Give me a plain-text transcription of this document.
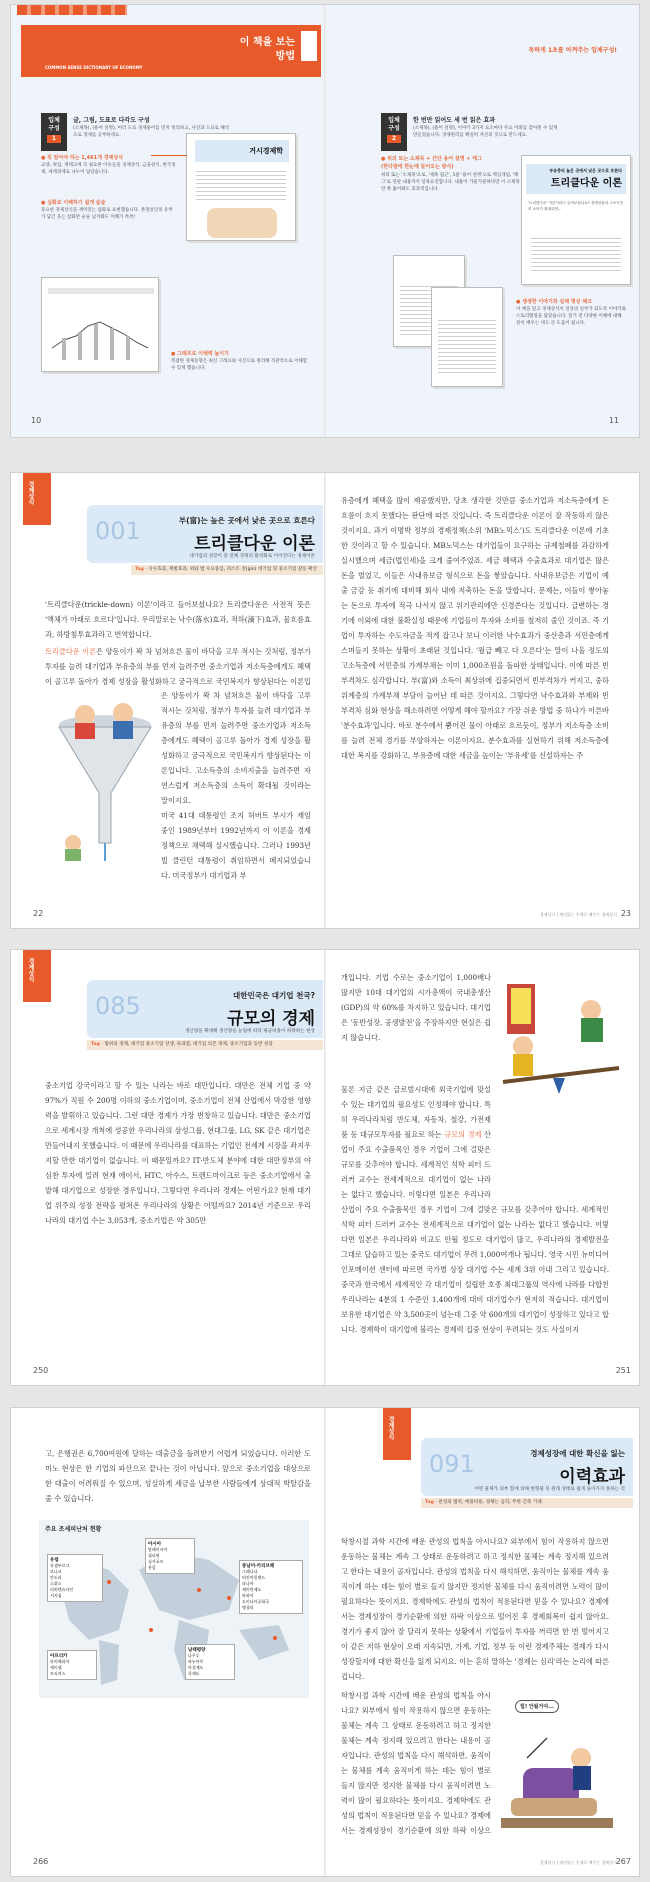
이 책을 보는
방법
COMMON SENSE DICTIONARY OF ECONOMY
독하게 1초를 아껴주는 입체구성!
입체
구성
1
글, 그림, 도표로 다각도 구성
(소제목), (용어 설명), 여러 도표 경제용어를 먼저 정리하고, 사진과 도표로 해석으로 경제를 공부하세요.
● 꼭 알아야 하는 1,461개 경제상식
교양, 취업, 재테크에 꼭 필요한 이슈들을 경제상식, 금융상식, 한국경제, 세계경제로 나누어 담았습니다.
● 심화로 이해하기 쉽게 술술
중요한 경제상식을 재미있는 삽화로 표현했습니다. 촌철살인의 유머가 담긴 웃는 삽화만 술술 넘겨봐도 이해가 쏙쏙!
거시경제학
● 그래프로 이해력 높이기
복잡한 경제동향은 최신 그래프와 사진으로 정리해 직관적으로 이해할 수 있게 했습니다.
입체
구성
2
한 번만 읽어도 세 번 읽은 효과
(소제목), (용어 설명), 이야기 3가지 요소마다 주요 어휘를 찾아볼 수 있게 만들었습니다. 경제원리를 확실히 자신의 것으로 만드세요.
● 위의 또는 소제목 + 간단 용어 설명 + 태그
(한다발에 한눈에 들어오는 방식)
위의 또는 '소제목'으로, '제목 접근', 1줄 '용어 설명'으로 핵심개념, '태그'로 연관 내용까지 일목요연합니다. 내용이 가물가물하다면 이 소제목만 쭉 훑어봐도 효과적입니다.
부유층의 높은 곳에서 낮은 곳으로 흐른다
트리클다운 이론
'트리클다운' 이론이라고 들어보셨나요? 경제성장과 고소득층의 소비가 확대되면…
● 생생한 이야기와 실제 명상 체크
이 책을 읽고 경제상식이 일상의 일부가 되도록 이야기와 스토리텔링을 담았습니다. 읽기 전 다양한 이해에 대해 깊이 배우는 데도 큰 도움이 됩니다.
10	11
경제상식
001	부(富)는 높은 곳에서 낮은 곳으로 흐른다
트리클다운 이론
대기업의 성장이 중 전체 경제의 활성화로 이어진다는 경제이론
Tag · 낙수효과, 재벌효과, 위와 법 수요중심, 퍼스트 진(gin) 대기업 및 중소기업 갈등 확산
'트리클다운(trickle-down) 이론'이라고 들어보셨나요? 트리클다운은 사전적 뜻은 '액체가 아래로 흐르다'입니다. 우리말로는 낙수(落水)효과, 적하(滴下)효과, 물흐름효과, 하방침투효과라고 번역합니다.
트리클다운 이론은 양동이가 꽉 차 넘쳐흐른 물이 바닥을 고루 적시는 것처럼, 정부가 투자를 늘려 대기업과 부유층의 부를 먼저 늘려주면 중소기업과 저소득층에게도 혜택이 골고루 돌아가 경제 성장을 활성화하고 궁극적으로 국민복지가 향상된다는 이론입
은 양동이가 꽉 차 넘쳐흐른 물이 바닥을 고루 적시는 것처럼, 정부가 투자를 늘려 대기업과 부유층의 부를 먼저 늘려주면 중소기업과 저소득층에게도 혜택이 골고루 돌아가 경제 성장을 활성화하고 궁극적으로 국민복지가 향상된다는 이론입니다. 고소득층의 소비지출을 늘려주면 자연스럽게 저소득층의 소득이 확대될 것이라는 말이지요.
미국 41대 대통령인 조지 허버트 부시가 재임 중인 1989년부터 1992년까지 이 이론을 경제정책으로 채택해 실시했습니다. 그러나 1993년 빌 클린턴 대통령이 취임하면서 폐지되었습니다. 미국정부가 대기업과 부
유층에게 혜택을 많이 제공했지만, 당초 생각한 것만큼 중소기업과 저소득층에게 돈 흐름이 흐지 못했다는 판단에 따른 것입니다. 즉 트리클다운 이론이 잘 작동하지 않은 것이지요. 과거 이명박 정부의 경제정책(소위 'MB노믹스')도 트리클다운 이론에 기초한 것이라고 할 수 있습니다. MB노믹스는 대기업들이 요구하는 규제철폐를 과감하게 실시했으며 세금(법인세)을 크게 줄여주었죠. 세금 혜택과 수출효과로 대기업은 많은 돈을 벌었고, 이들은 사내유보금 형식으로 돈을 쌓았습니다. 사내유보금은 기업이 예출 금감 등 취기에 대비해 회사 내에 저축하는 돈을 말합니다. 문제는, 이들이 쌓아놓는 돈으로 투자에 적극 나서지 않고 위기관리에만 신경쓴다는 것입니다. 급변하는 경기에 이외에 대한 불확실성 때문에 기업들이 투자와 소비를 철저히 줄인 것이죠. 즉 기업이 투자하는 수도자금을 적게 잡고나 보니 이러한 낙수효과가 중산층과 서민층에게 스며들지 못하는 상황이 초래된 것입니다. '월급 빼고 다 오른다'는 말이 나올 정도의 고소득층에 서민층의 가계부채는 이미 1,000조원을 돌파한 상태입니다. 이에 따른 빈부격차도 심각합니다. 부(富)와 소득이 최상위에 집중되면서 빈부격차가 커지고, 중하위계층의 가계부채 부담이 늘어난 데 따른 것이지요. 그렇다면 낙수효과와 부재와 빈부격차 심화 현상을 해소하려면 어떻게 해야 할까요? 가장 쉬운 방법 중 하나가 이른바 '분수효과'입니다. 바로 분수에서 뿜어진 물이 아래로 흐르듯이, 정부가 저소득층 소비를 늘려 전체 경기를 부양하자는 이론이지요. 분수효과를 실현하기 위해 저소득층에 대한 복지를 강화하고, 부유층에 대한 세금을 높이는 '부유세'를 신설하자는 주
경제상식 | 재미있는 주제로 배우는 경제상식
22	23
경제상식
085	대한민국은 대기업 천국?
규모의 경제
생산량을 확대해 생산량을 늘림에 따라 평균비용이 하락하는 현상
Tag · 범위의 경제, 대기업 중소기업 상생, 독과점, 대기업 의존 경제, 중소기업과 동반 성장
중소기업 강국이라고 할 수 있는 나라는 바로 대만입니다. 대만은 전체 기업 중 약 97%가 직원 수 200명 이하의 중소기업이며, 중소기업이 전체 산업에서 막강한 영향력을 발휘하고 있습니다. 그런 대만 경제가 가장 번창하고 있습니다. 대만은 중소기업으로 세계시장 개척에 성공한 우리나라의 삼성그룹, 현대그룹, LG, SK 같은 대기업은 만들어내지 못했습니다. 이 때문에 우리나라를 대표하는 기업인 전세계 시장을 좌지우지할 만한 대기업이 없습니다. 이 때문일까요? IT·반도체 분야에 대한 대만정부의 야심찬 투자에 밀려 현재 에이서, HTC, 아수스, 트렌드마이크로 등은 중소기업에서 출발해 대기업으로 성장한 경우입니다. 그렇다면 우리나라 경제는 어떤가요? 현재 대기업 위주의 성장 전략을 펼쳐온 우리나라의 상황은 어떨까요? 2014년 기준으로 우리나라의 대기업 수는 3,053개, 중소기업은 약 305만
개입니다. 기업 수로는 중소기업이 1,000배나 많지만 10대 대기업의 시가총액이 국내총생산(GDP)의 약 60%를 차지하고 있습니다. 대기업은 '동반성장, 공생발전'을 주장하지만 현실은 쉽지 않습니다.
물론 지금 같은 글로벌시대에 외국기업에 맞설 수 있는 대기업의 필요성도 인정해야 합니다. 특히 우리나라처럼 반도체, 자동차, 철강, 가전제품 등 대규모투자를 필요로 하는 규모의 경제 산업이 주요 수출품목인 경우 기업이 그에 걸맞은 규모를 갖추어야 합니다. 세계적인 석학 피터 드러커 교수는 전세계적으로 대기업이 없는 나라는 없다고 했습니다. 이렇다면 일본은 우리나라
산업이 주요 수출품목인 경우 기업이 그에 걸맞은 규모를 갖추어야 합니다. 세계적인 석학 피터 드러커 교수는 전세계적으로 대기업이 없는 나라는 없다고 했습니다. 이렇다면 일본은 우리나라와 비교도 안될 정도로 대기업이 많고, 우리나라의 경제발전을 그대로 답습하고 있는 중국도 대기업이 무려 1,000여개나 됩니다. 영국 시민 뉴미디어 인포메이션 센터에 따르면 국가별 상장 대기업 수는 세계 3위 이내 그리고 있습니다. 중국과 한국에서 세계적인 각 대기업이 설립한 호종 최대그룹의 역사에 나라를 다합친 우리나라는 4분의 1 수준인 1,400개에 대비 대기업수가 현저히 적습니다. 대기업이 보유한 대기업은 약 3,500곳이 넘는데 그중 약 600개의 대기업이 성장하고 있다고 합니다. 경제학이 대기업에 불리는 경제력 집중 현상이 우려되는 것도 사실이지
250	251
고, 은행권은 6,700여원에 달하는 대출금을 돌려받기 어렵게 되었습니다. 이러한 도미노 현상은 한 기업의 파산으로 끝나는 것이 아닙니다. 앞으로 중소기업을 대상으로 한 대출이 어려워질 수 있으며, 성실하게 세금을 납부한 사람들에게 상대적 박탈감을 줄 수 있습니다.
주요 조세피난처 현황
유럽
룩셈부르크
모나코
안도라
스위스
리히텐슈타인
저지섬
아시아
말레이시아
필리핀
싱가포르
홍콩	중남미·카리브해
그레나다
버진아일랜드
파나마
케이만제도
바하마
도미니카공화국
앵귈라
아프리카
라이베리아
세이셸
모리셔스
남태평양
나우루
바누아투
마셜제도
쿡제도
경제상식
091	경제성장에 대한 확신을 잃는
이력효과
어떤 물체가 외부 힘에 의해 변형될 뒤 원래 상태로 쉽게 돌아가지 못하는 것
Tag · 관성의 법칙, 매몰비용, 경제는 심리, 무한 긴축 기대
학창시절 과학 시간에 배운 관성의 법칙을 아시나요? 외부에서 힘이 작용하지 않으면 운동하는 물체는 계속 그 상태로 운동하려고 하고 정지한 물체는 계속 정지해 있으려고 한다는 내용이 골자입니다. 관성의 법칙을 다시 해석하면, 움직이는 물체를 계속 움직이게 하는 데는 힘이 별로 들지 않지만 정지한 물체를 다시 움직이려면 노력이 많이 필요하다는 뜻이지요. 경제학에도 관성의 법칙이 적용된다면 믿을 수 있나요? 경제에서는 경제성장이 경기순환에 의한 하락 이상으로 떨어진 후 경제회복이 쉽지 않아요. 경기가 좋지 않아 잘 달리지 못하는 상황에서 기업들이 투자를 꺼리면 한 번 떨어지고 이 같은 저하 현상이 오래 지속되면, 가계, 기업, 정부 등 이런 경제주체는 경제가 다시 성장할지에 대한 확신을 잃게 되지요. 이는 흔히 말하는 '경제는 심리'라는 논리에 따른 겁니다.
학창시절 과학 시간에 배운 관성의 법칙을 아시나요? 외부에서 힘이 작용하지 않으면 운동하는 물체는 계속 그 상태로 운동하려고 하고 정지한 물체는 계속 정지해 있으려고 한다는 내용이 골자입니다. 관성의 법칙을 다시 해석하면, 움직이는 물체를 계속 움직이게 하는 데는 힘이 별로 들지 않지만 정지한 물체를 다시 움직이려면 노력이 많이 필요하다는 뜻이지요. 경제학에도 관성의 법칙이 적용된다면 믿을 수 있나요? 경제에서는 경제성장이 경기순환에 의한 하락 이상으
힘! 안될거야...
경제상식 | 재미있는 주제로 배우는 경제상식
266	267
